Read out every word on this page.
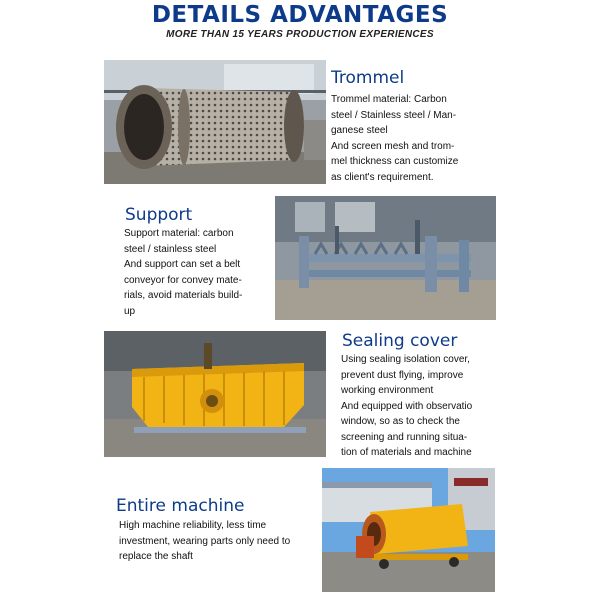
DETAILS ADVANTAGES
MORE THAN 15 YEARS PRODUCTION EXPERIENCES
Trommel

Trommel material: Carbon

steel / Stainless steel / Man-

ganese steel

And screen mesh and trom-

mel thickness can customize

as client's requirement.

Support

Support material: carbon

steel / stainless steel

And support can set a belt

conveyor for convey mate-

rials, avoid materials build-

up

Sealing cover

Using sealing isolation cover,

prevent dust flying, improve

working environment

And equipped with observatio

window, so as to check the

screening and running situa-

tion of materials and machine

Entire machine

High machine reliability, less time

investment, wearing parts only need to

replace the shaft
